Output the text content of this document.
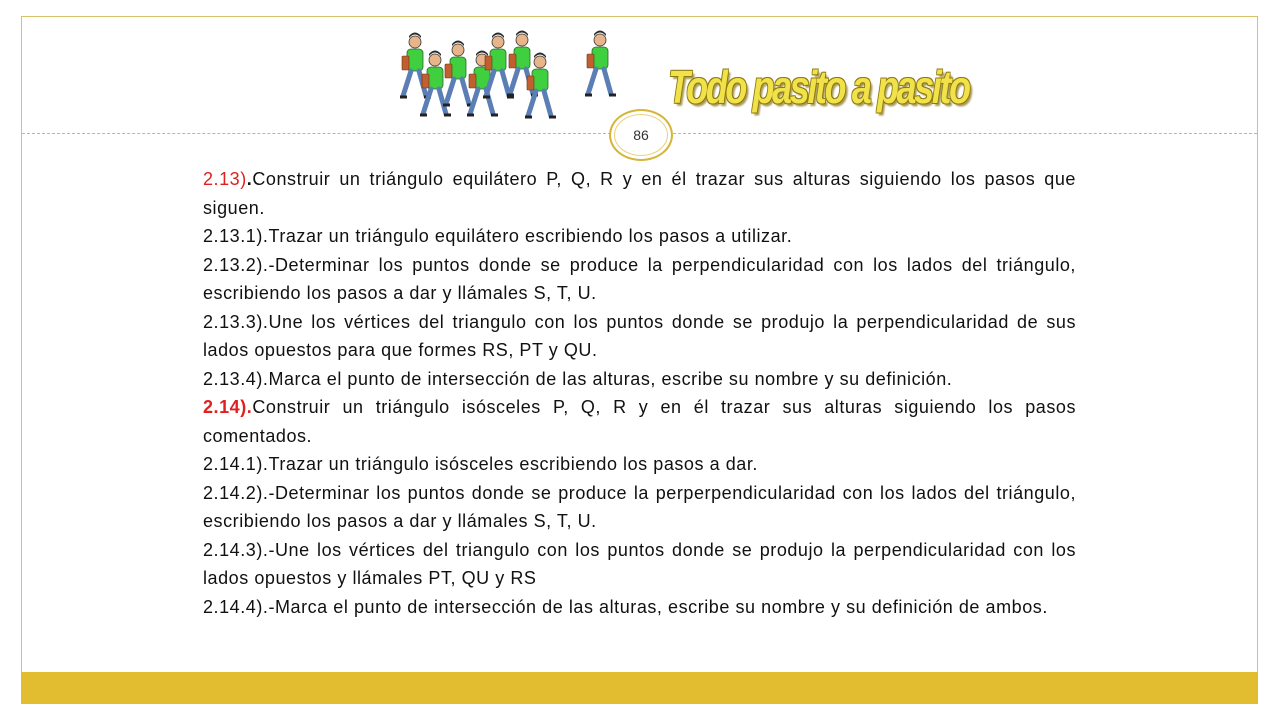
Todo pasito a pasito
86

2.13).Construir un triángulo equilátero P, Q, R y en él trazar sus alturas siguiendo los pasos que siguen.

2.13.1).Trazar un triángulo equilátero escribiendo los pasos a utilizar.

2.13.2).-Determinar los puntos donde se produce la perpendicularidad con los lados del triángulo, escribiendo los pasos a dar y llámales S, T, U.

2.13.3).Une los vértices del triangulo con los puntos donde se produjo la perpendicularidad de sus lados opuestos para que formes RS, PT y QU.

2.13.4).Marca el punto de intersección de las alturas, escribe su nombre y su definición.

2.14).Construir un triángulo isósceles P, Q, R y en él trazar sus alturas siguiendo los pasos comentados.

2.14.1).Trazar un triángulo isósceles escribiendo los pasos a dar.

2.14.2).-Determinar los puntos donde se produce la perperpendicularidad con los lados del triángulo, escribiendo los pasos a dar y llámales S, T, U.

2.14.3).-Une los vértices del triangulo con los puntos donde se produjo la perpendicularidad con los lados opuestos y llámales PT, QU y RS

2.14.4).-Marca el punto de intersección de las alturas, escribe su nombre y su definición de ambos.
